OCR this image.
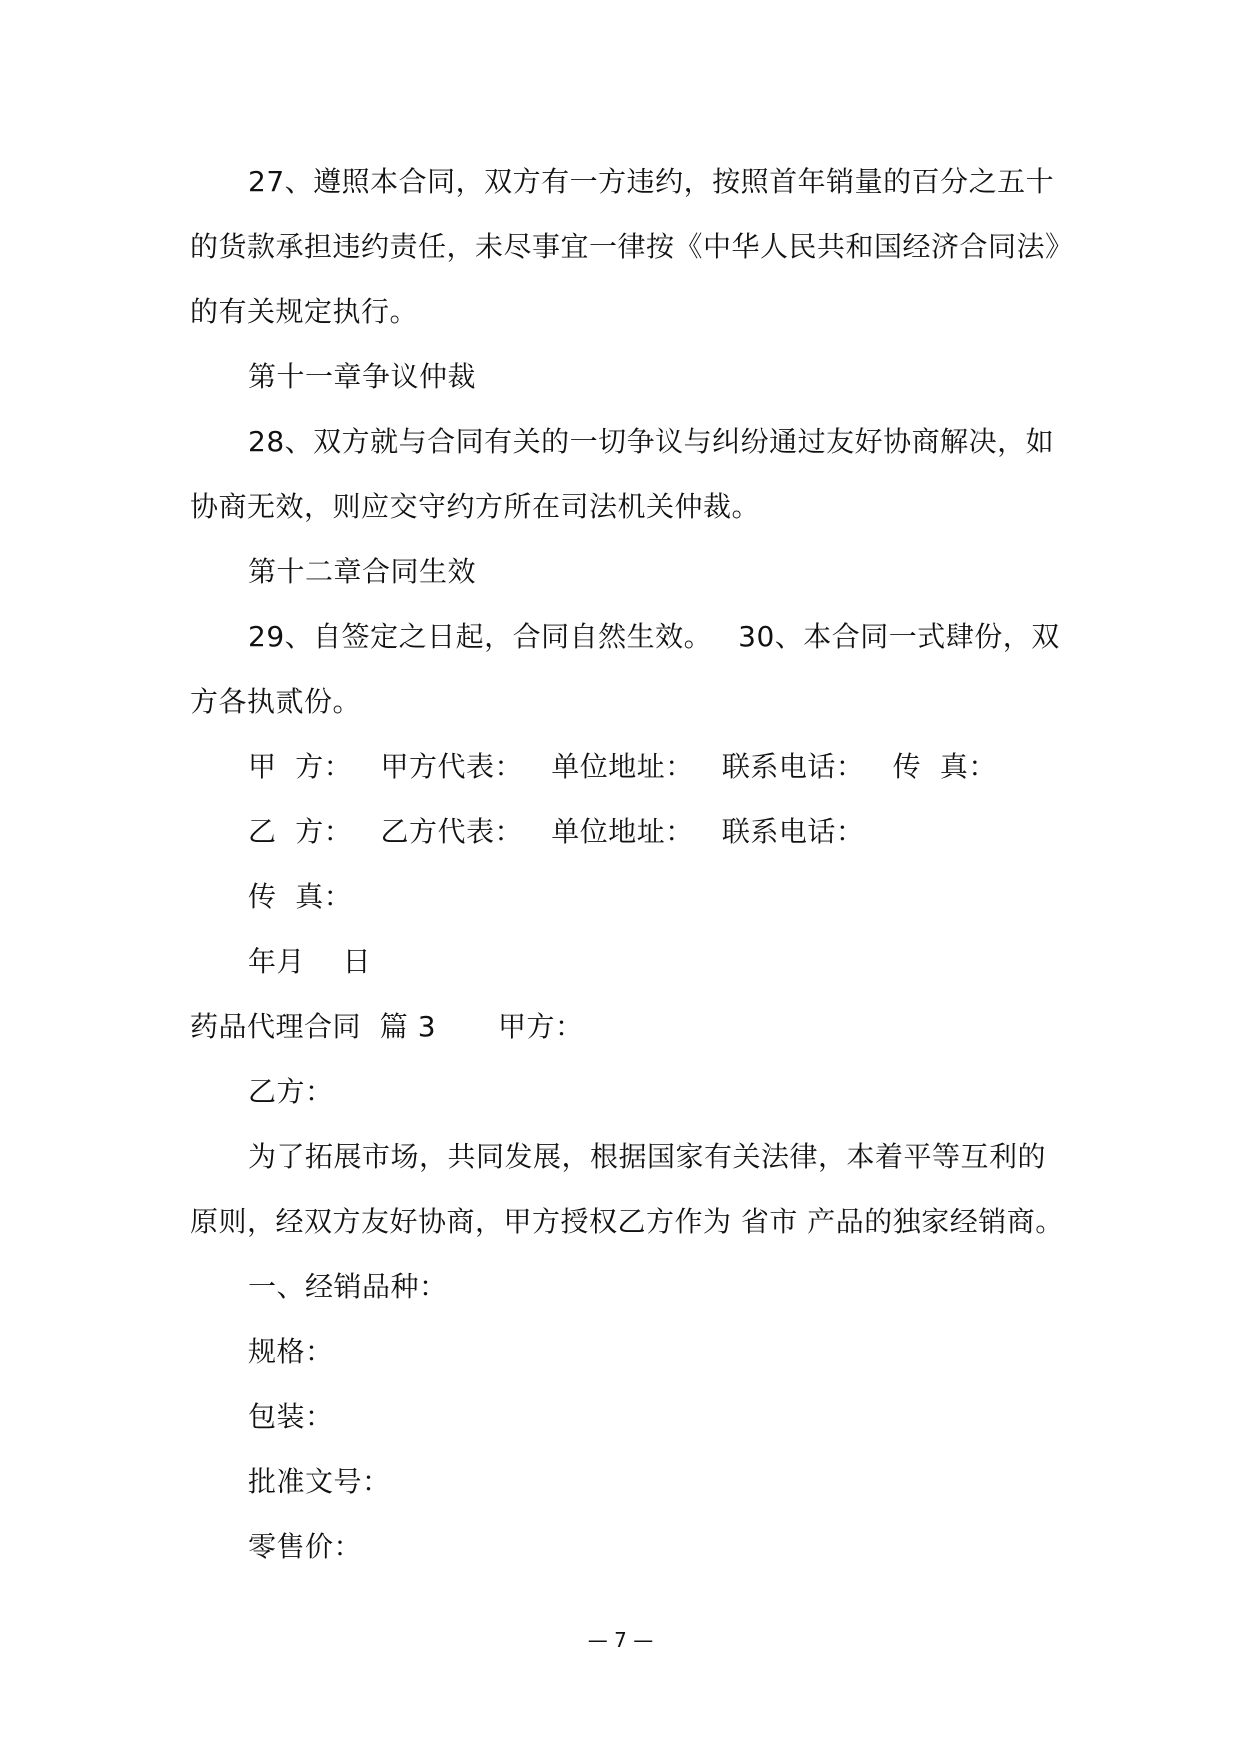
27、遵照本合同，双方有一方违约，按照首年销量的百分之五十
的货款承担违约责任，未尽事宜一律按《中华人民共和国经济合同法》
的有关规定执行。
第十一章争议仲裁
28、双方就与合同有关的一切争议与纠纷通过友好协商解决，如
协商无效，则应交守约方所在司法机关仲裁。
第十二章合同生效
29、自签定之日起，合同自然生效。 30、本合同一式肆份，双
方各执贰份。
甲  方：   甲方代表：   单位地址：   联系电话：   传  真：
乙  方：   乙方代表：   单位地址：   联系电话：
传  真：
年月    日
药品代理合同  篇 3 甲方：
乙方：
为了拓展市场，共同发展，根据国家有关法律，本着平等互利的
原则，经双方友好协商，甲方授权乙方作为 省市 产品的独家经销商。
一、经销品种：
规格：
包装：
批准文号：
零售价：
— 7 —
